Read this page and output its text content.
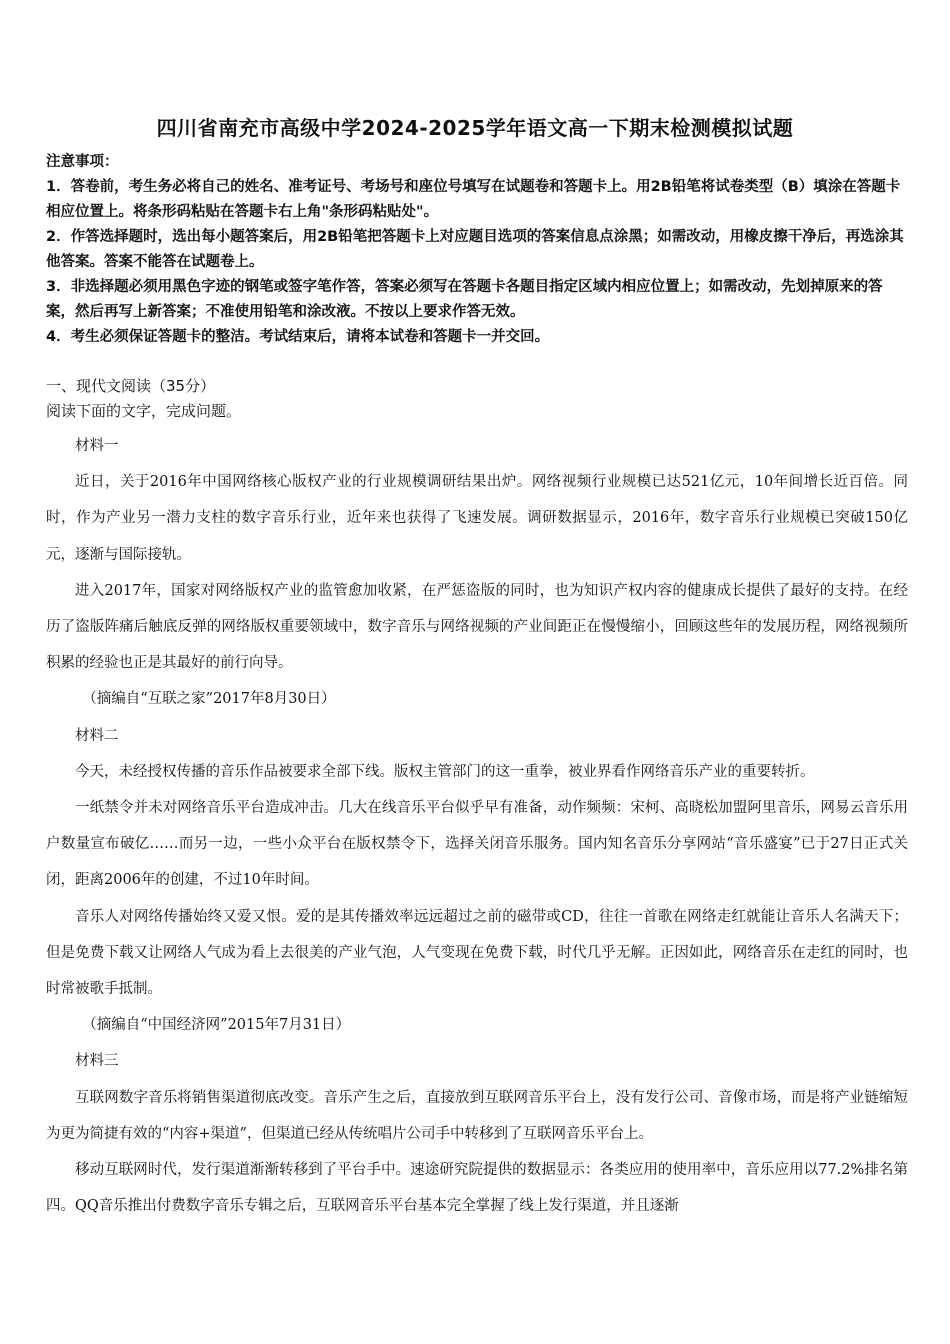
四川省南充市高级中学2024-2025学年语文高一下期末检测模拟试题

注意事项：

1．答卷前，考生务必将自己的姓名、准考证号、考场号和座位号填写在试题卷和答题卡上。用2B铅笔将试卷类型（B）填涂在答题卡相应位置上。将条形码粘贴在答题卡右上角"条形码粘贴处"。

2．作答选择题时，选出每小题答案后，用2B铅笔把答题卡上对应题目选项的答案信息点涂黑；如需改动，用橡皮擦干净后，再选涂其他答案。答案不能答在试题卷上。

3．非选择题必须用黑色字迹的钢笔或签字笔作答，答案必须写在答题卡各题目指定区域内相应位置上；如需改动，先划掉原来的答案，然后再写上新答案；不准使用铅笔和涂改液。不按以上要求作答无效。

4．考生必须保证答题卡的整洁。考试结束后，请将本试卷和答题卡一并交回。

一、现代文阅读（35分）
阅读下面的文字，完成问题。

材料一

近日，关于2016年中国网络核心版权产业的行业规模调研结果出炉。网络视频行业规模已达521亿元，10年间增长近百倍。同时，作为产业另一潜力支柱的数字音乐行业，近年来也获得了飞速发展。调研数据显示，2016年，数字音乐行业规模已突破150亿元，逐渐与国际接轨。

进入2017年，国家对网络版权产业的监管愈加收紧，在严惩盗版的同时，也为知识产权内容的健康成长提供了最好的支持。在经历了盗版阵痛后触底反弹的网络版权重要领域中，数字音乐与网络视频的产业间距正在慢慢缩小，回顾这些年的发展历程，网络视频所积累的经验也正是其最好的前行向导。

（摘编自“互联之家”2017年8月30日）

材料二

今天，未经授权传播的音乐作品被要求全部下线。版权主管部门的这一重拳，被业界看作网络音乐产业的重要转折。

一纸禁令并未对网络音乐平台造成冲击。几大在线音乐平台似乎早有准备，动作频频：宋柯、高晓松加盟阿里音乐，网易云音乐用户数量宣布破亿……而另一边，一些小众平台在版权禁令下，选择关闭音乐服务。国内知名音乐分享网站“音乐盛宴”已于27日正式关闭，距离2006年的创建，不过10年时间。

音乐人对网络传播始终又爱又恨。爱的是其传播效率远远超过之前的磁带或CD，往往一首歌在网络走红就能让音乐人名满天下；但是免费下载又让网络人气成为看上去很美的产业气泡，人气变现在免费下载，时代几乎无解。正因如此，网络音乐在走红的同时，也时常被歌手抵制。

（摘编自“中国经济网”2015年7月31日）

材料三

互联网数字音乐将销售渠道彻底改变。音乐产生之后，直接放到互联网音乐平台上，没有发行公司、音像市场，而是将产业链缩短为更为简捷有效的“内容+渠道”，但渠道已经从传统唱片公司手中转移到了互联网音乐平台上。

移动互联网时代，发行渠道渐渐转移到了平台手中。速途研究院提供的数据显示：各类应用的使用率中，音乐应用以77.2%排名第四。QQ音乐推出付费数字音乐专辑之后，互联网音乐平台基本完全掌握了线上发行渠道，并且逐渐
